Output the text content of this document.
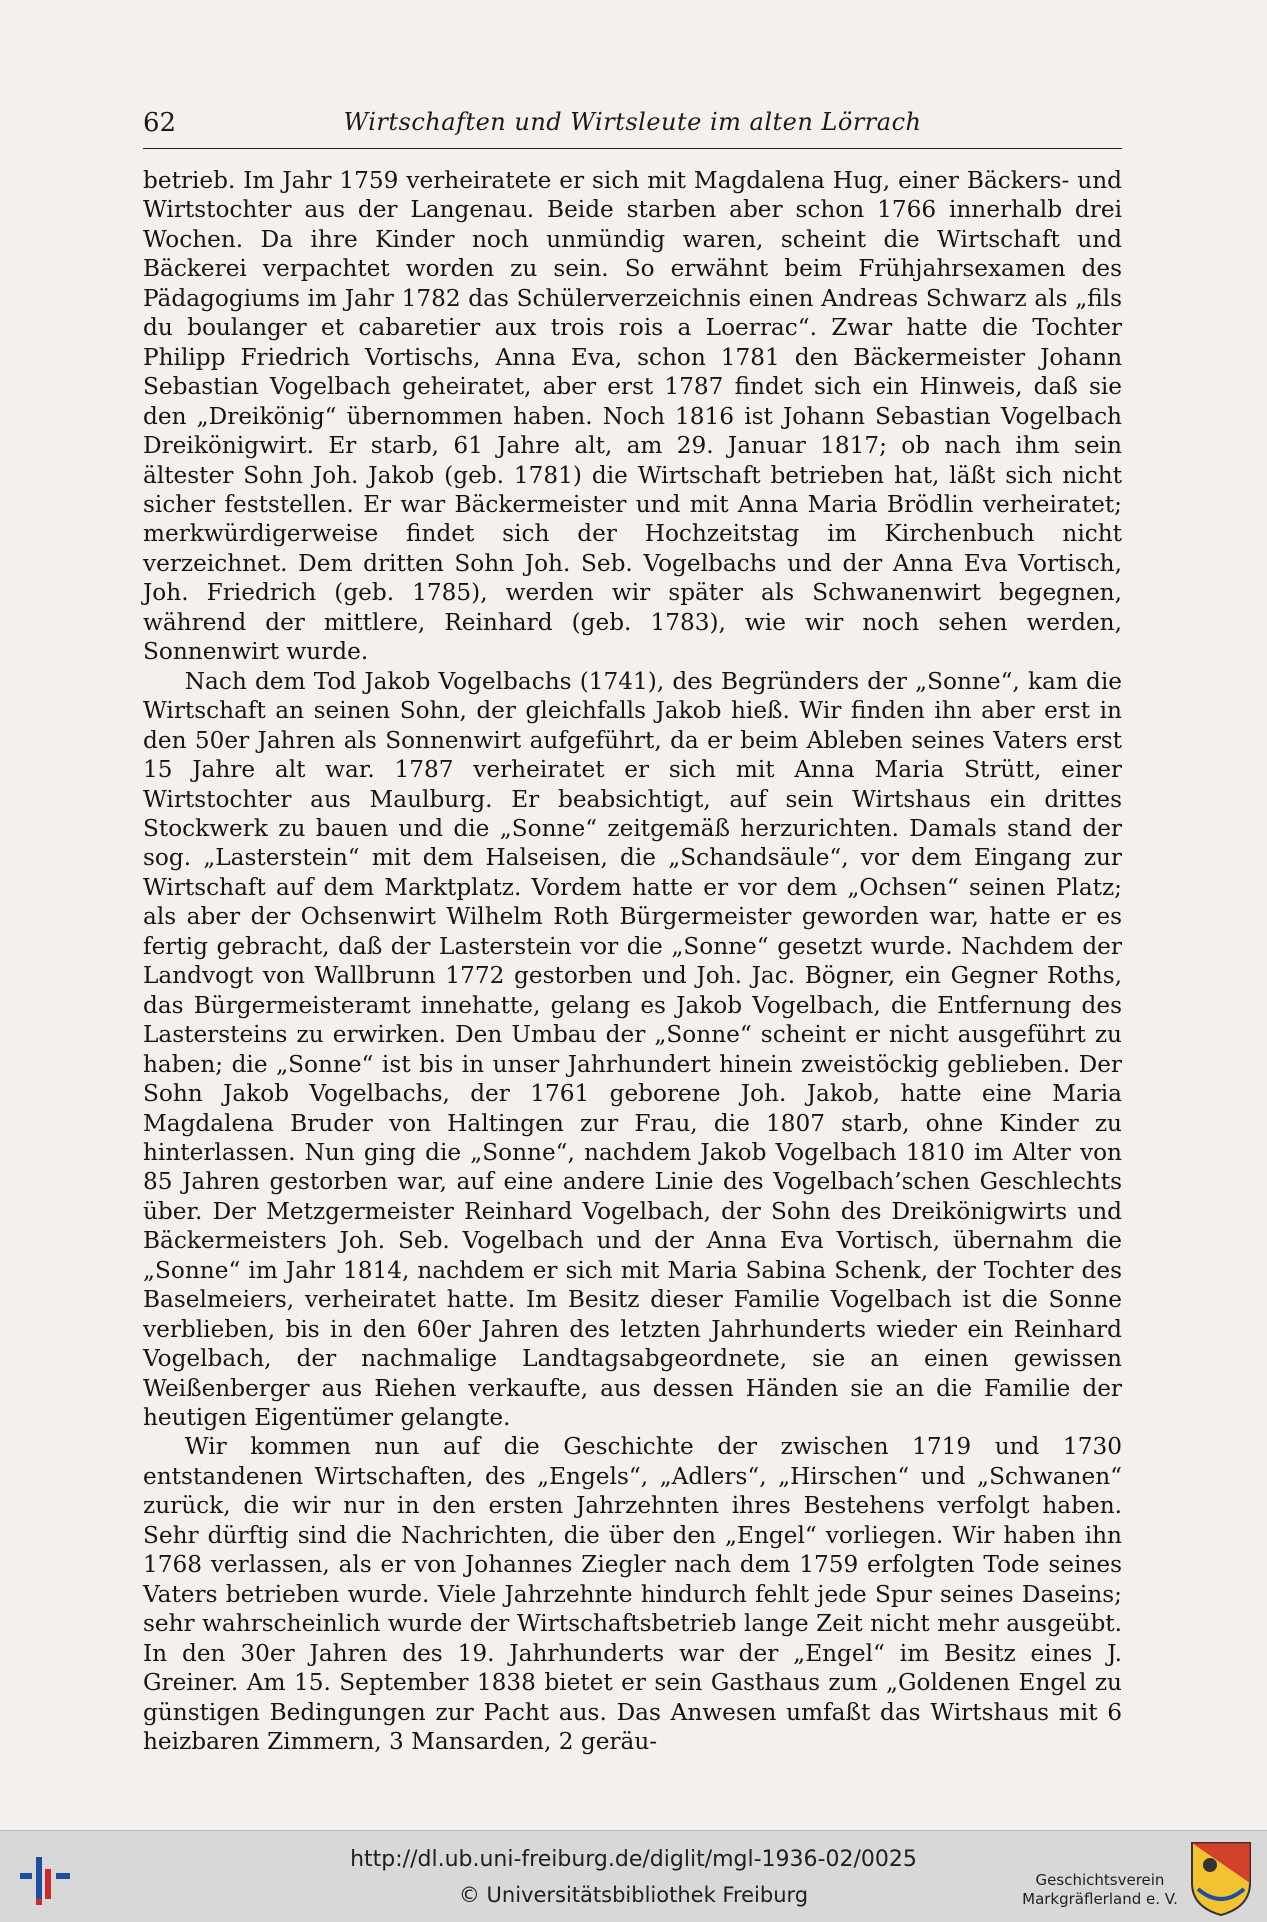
62	Wirtschaften und Wirtsleute im alten Lörrach

betrieb. Im Jahr 1759 verheiratete er sich mit Magdalena Hug, einer Bäckers- und Wirtstochter aus der Langenau. Beide starben aber schon 1766 innerhalb drei Wochen. Da ihre Kinder noch unmündig waren, scheint die Wirtschaft und Bäckerei verpachtet worden zu sein. So erwähnt beim Frühjahrsexamen des Pädagogiums im Jahr 1782 das Schülerverzeichnis einen Andreas Schwarz als „fils du boulanger et cabaretier aux trois rois a Loerrac“. Zwar hatte die Tochter Philipp Friedrich Vortischs, Anna Eva, schon 1781 den Bäckermeister Johann Sebastian Vogelbach geheiratet, aber erst 1787 findet sich ein Hinweis, daß sie den „Dreikönig“ übernommen haben. Noch 1816 ist Johann Sebastian Vogelbach Dreikönigwirt. Er starb, 61 Jahre alt, am 29. Januar 1817; ob nach ihm sein ältester Sohn Joh. Jakob (geb. 1781) die Wirtschaft betrieben hat, läßt sich nicht sicher feststellen. Er war Bäckermeister und mit Anna Maria Brödlin verheiratet; merkwürdigerweise findet sich der Hochzeitstag im Kirchenbuch nicht verzeichnet. Dem dritten Sohn Joh. Seb. Vogelbachs und der Anna Eva Vortisch, Joh. Friedrich (geb. 1785), werden wir später als Schwanenwirt begegnen, während der mittlere, Reinhard (geb. 1783), wie wir noch sehen werden, Sonnenwirt wurde.

Nach dem Tod Jakob Vogelbachs (1741), des Begründers der „Sonne“, kam die Wirtschaft an seinen Sohn, der gleichfalls Jakob hieß. Wir finden ihn aber erst in den 50er Jahren als Sonnenwirt aufgeführt, da er beim Ableben seines Vaters erst 15 Jahre alt war. 1787 verheiratet er sich mit Anna Maria Strütt, einer Wirtstochter aus Maulburg. Er beabsichtigt, auf sein Wirtshaus ein drittes Stockwerk zu bauen und die „Sonne“ zeitgemäß herzurichten. Damals stand der sog. „Lasterstein“ mit dem Halseisen, die „Schandsäule“, vor dem Eingang zur Wirtschaft auf dem Marktplatz. Vordem hatte er vor dem „Ochsen“ seinen Platz; als aber der Ochsenwirt Wilhelm Roth Bürgermeister geworden war, hatte er es fertig gebracht, daß der Lasterstein vor die „Sonne“ gesetzt wurde. Nachdem der Landvogt von Wallbrunn 1772 gestorben und Joh. Jac. Bögner, ein Gegner Roths, das Bürgermeisteramt innehatte, gelang es Jakob Vogelbach, die Entfernung des Lastersteins zu erwirken. Den Umbau der „Sonne“ scheint er nicht ausgeführt zu haben; die „Sonne“ ist bis in unser Jahrhundert hinein zweistöckig geblieben. Der Sohn Jakob Vogelbachs, der 1761 geborene Joh. Jakob, hatte eine Maria Magdalena Bruder von Haltingen zur Frau, die 1807 starb, ohne Kinder zu hinterlassen. Nun ging die „Sonne“, nachdem Jakob Vogelbach 1810 im Alter von 85 Jahren gestorben war, auf eine andere Linie des Vogelbach’schen Geschlechts über. Der Metzgermeister Reinhard Vogelbach, der Sohn des Dreikönigwirts und Bäckermeisters Joh. Seb. Vogelbach und der Anna Eva Vortisch, übernahm die „Sonne“ im Jahr 1814, nachdem er sich mit Maria Sabina Schenk, der Tochter des Baselmeiers, verheiratet hatte. Im Besitz dieser Familie Vogelbach ist die Sonne verblieben, bis in den 60er Jahren des letzten Jahrhunderts wieder ein Reinhard Vogelbach, der nachmalige Landtagsabgeordnete, sie an einen gewissen Weißenberger aus Riehen verkaufte, aus dessen Händen sie an die Familie der heutigen Eigentümer gelangte.

Wir kommen nun auf die Geschichte der zwischen 1719 und 1730 entstandenen Wirtschaften, des „Engels“, „Adlers“, „Hirschen“ und „Schwanen“ zurück, die wir nur in den ersten Jahrzehnten ihres Bestehens verfolgt haben. Sehr dürftig sind die Nachrichten, die über den „Engel“ vorliegen. Wir haben ihn 1768 verlassen, als er von Johannes Ziegler nach dem 1759 erfolgten Tode seines Vaters betrieben wurde. Viele Jahrzehnte hindurch fehlt jede Spur seines Daseins; sehr wahrscheinlich wurde der Wirtschaftsbetrieb lange Zeit nicht mehr ausgeübt. In den 30er Jahren des 19. Jahrhunderts war der „Engel“ im Besitz eines J. Greiner. Am 15. September 1838 bietet er sein Gasthaus zum „Goldenen Engel zu günstigen Bedingungen zur Pacht aus. Das Anwesen umfaßt das Wirtshaus mit 6 heizbaren Zimmern, 3 Mansarden, 2 geräu-

http://dl.ub.uni-freiburg.de/diglit/mgl-1936-02/0025
© Universitätsbibliothek Freiburg
Geschichtsverein Markgräflerland e. V.
